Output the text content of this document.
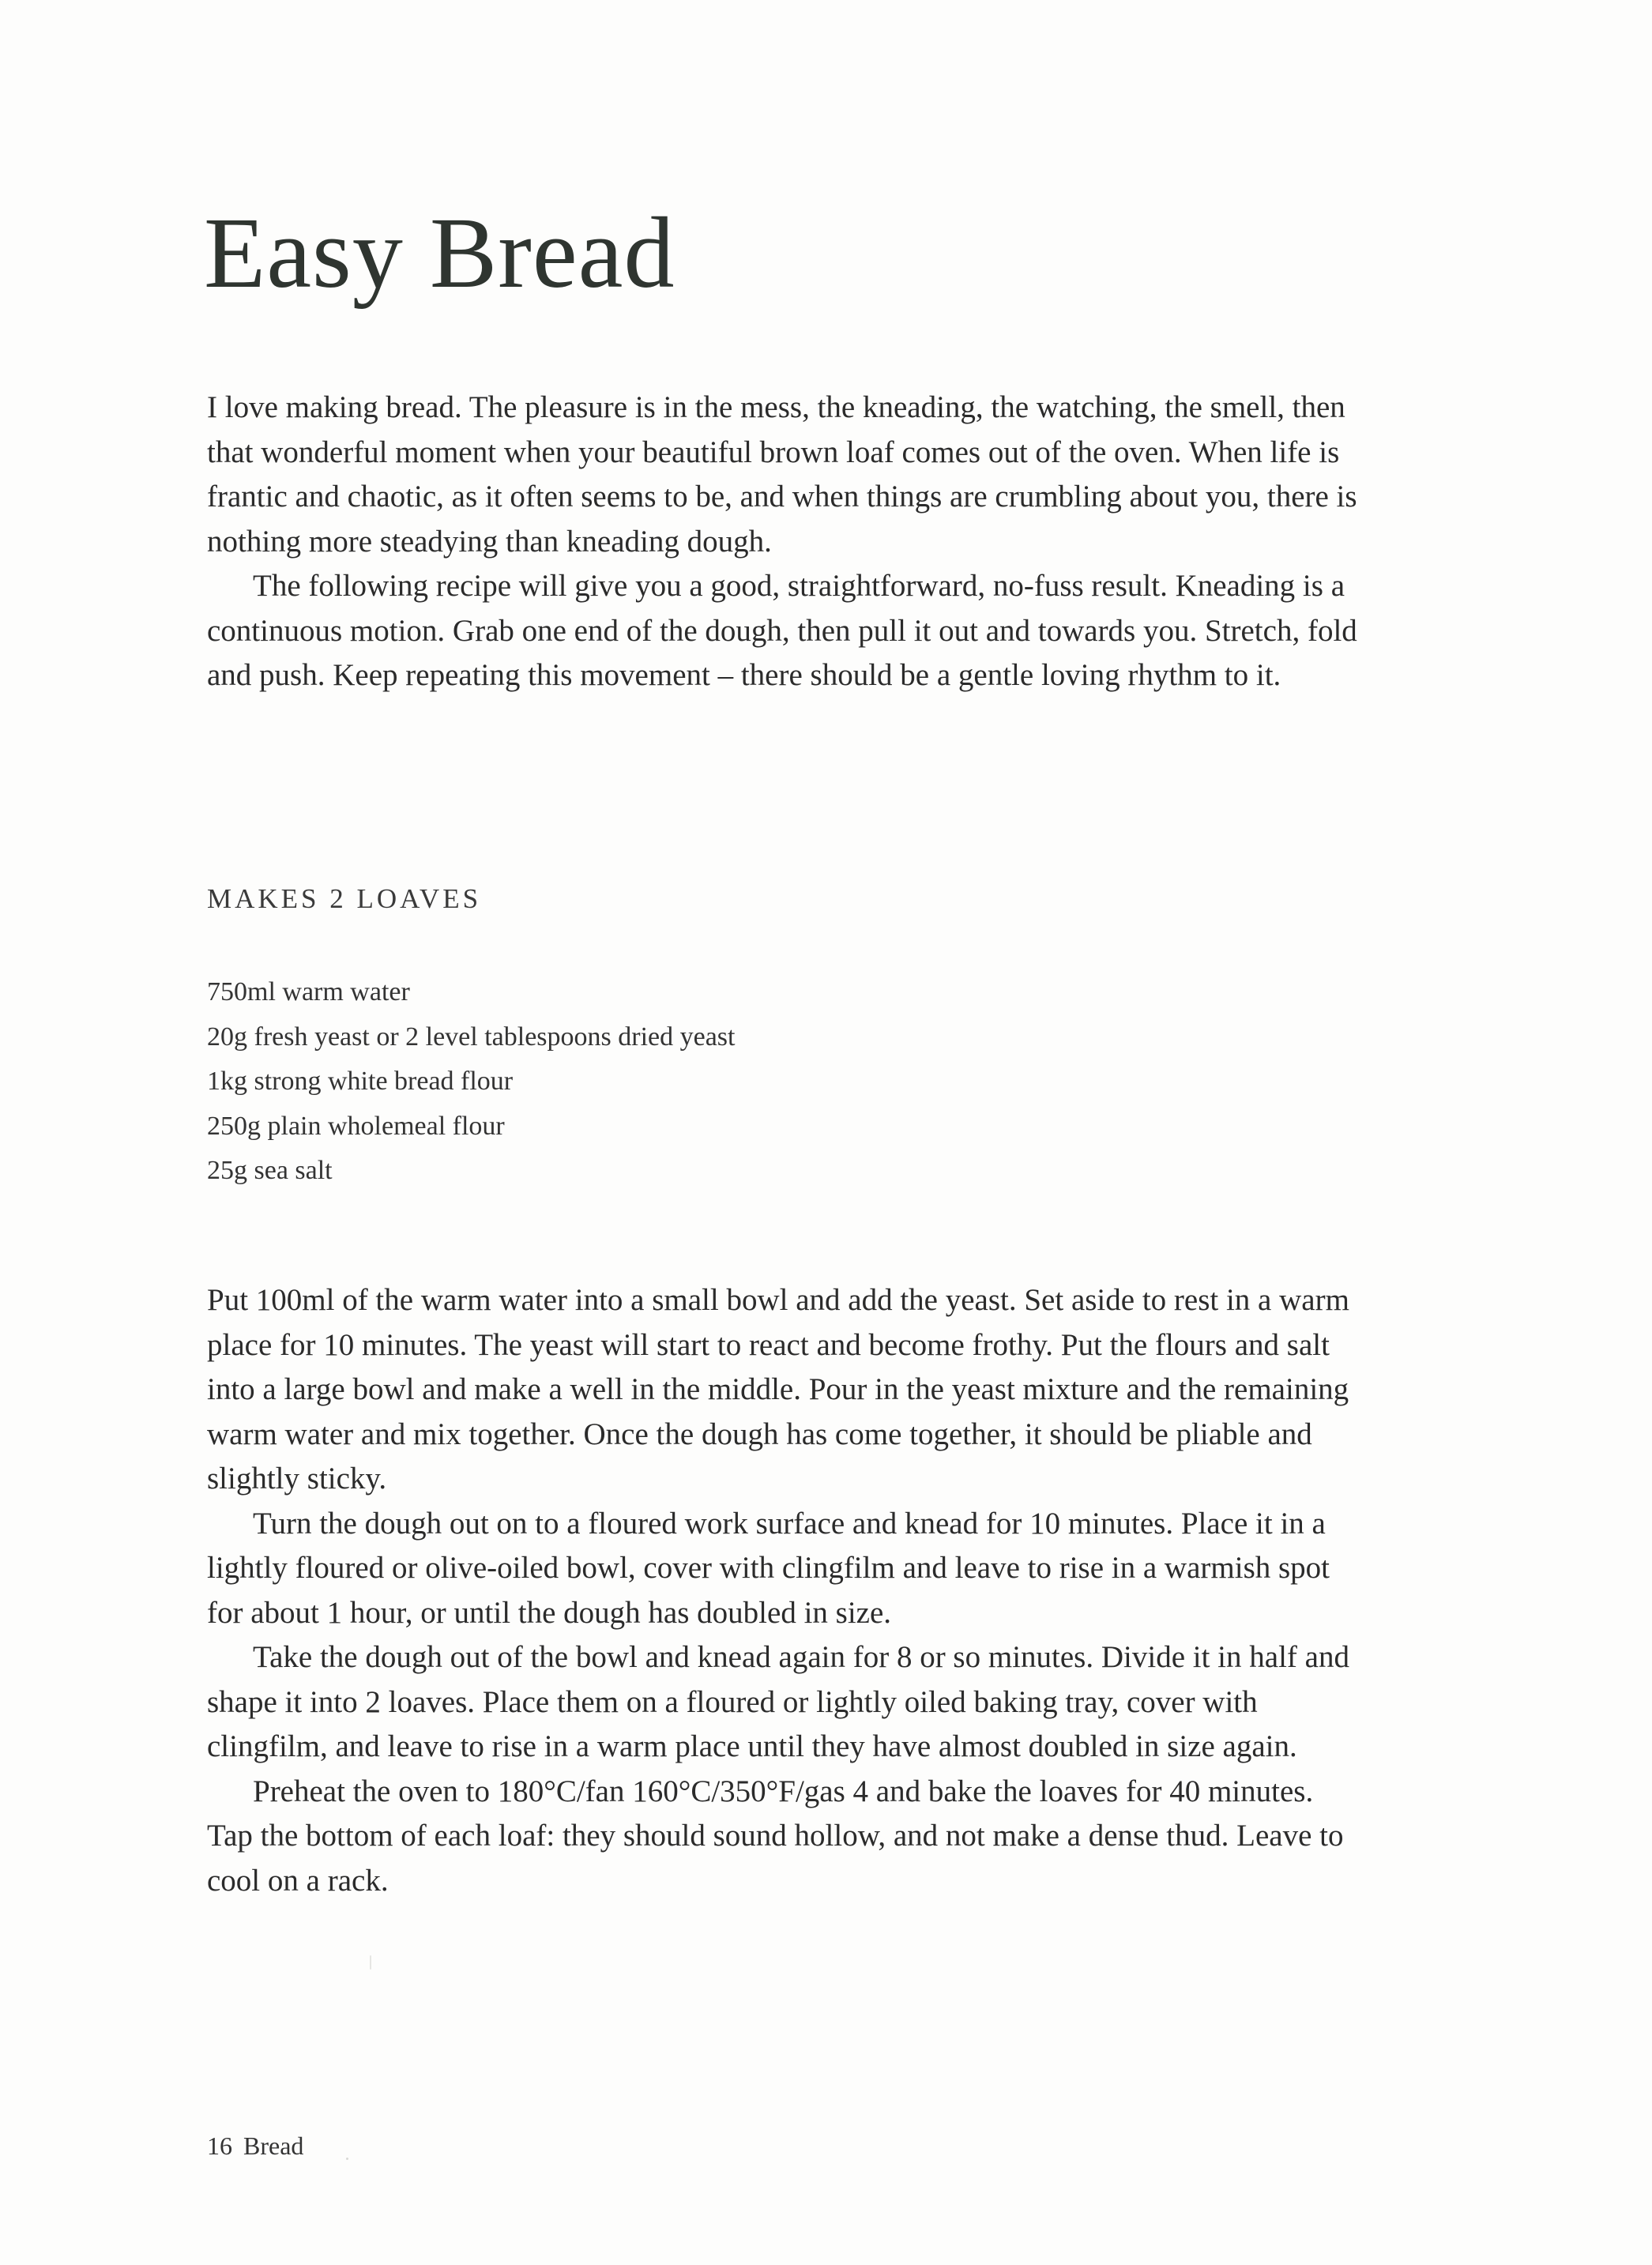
Easy Bread

I love making bread. The pleasure is in the mess, the kneading, the watching, the smell, then that wonderful moment when your beautiful brown loaf comes out of the oven. When life is frantic and chaotic, as it often seems to be, and when things are crumbling about you, there is nothing more steadying than kneading dough.

The following recipe will give you a good, straightforward, no-fuss result. Kneading is a continuous motion. Grab one end of the dough, then pull it out and towards you. Stretch, fold and push. Keep repeating this movement – there should be a gentle loving rhythm to it.

MAKES 2 LOAVES
750ml warm water
20g fresh yeast or 2 level tablespoons dried yeast
1kg strong white bread flour
250g plain wholemeal flour
25g sea salt

Put 100ml of the warm water into a small bowl and add the yeast. Set aside to rest in a warm place for 10 minutes. The yeast will start to react and become frothy. Put the flours and salt into a large bowl and make a well in the middle. Pour in the yeast mixture and the remaining warm water and mix together. Once the dough has come together, it should be pliable and slightly sticky.

Turn the dough out on to a floured work surface and knead for 10 minutes. Place it in a lightly floured or olive-oiled bowl, cover with clingfilm and leave to rise in a warmish spot for about 1 hour, or until the dough has doubled in size.

Take the dough out of the bowl and knead again for 8 or so minutes. Divide it in half and shape it into 2 loaves. Place them on a floured or lightly oiled baking tray, cover with clingfilm, and leave to rise in a warm place until they have almost doubled in size again.

Preheat the oven to 180°C/fan 160°C/350°F/gas 4 and bake the loaves for 40 minutes. Tap the bottom of each loaf: they should sound hollow, and not make a dense thud. Leave to cool on a rack.

16 Bread
